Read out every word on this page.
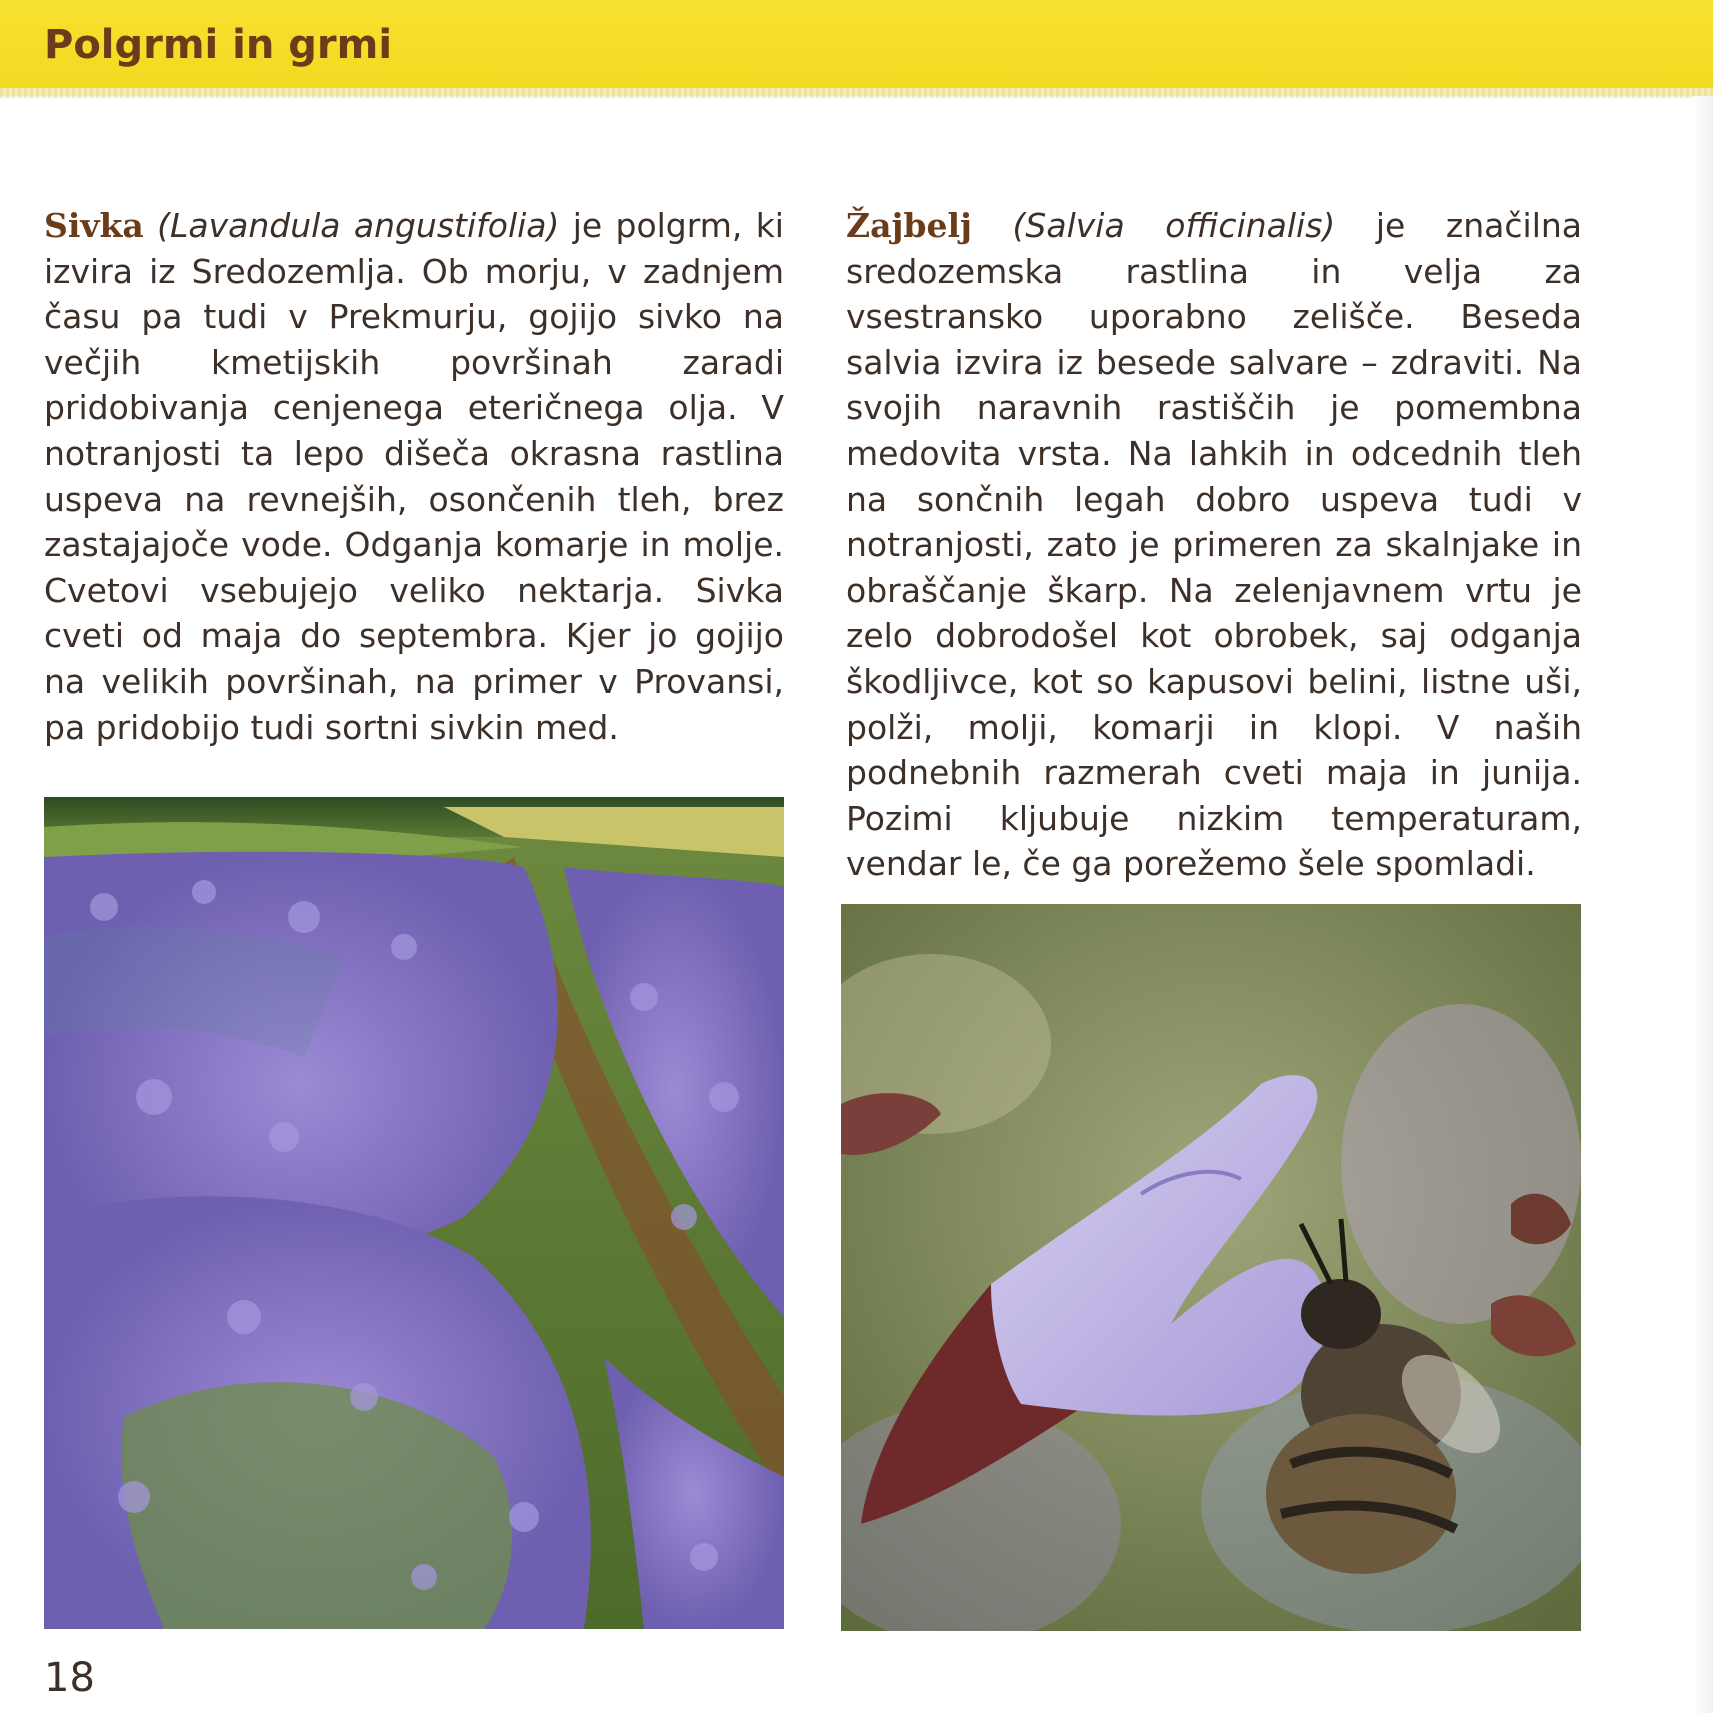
Polgrmi in grmi
Sivka (Lavandula angustifolia) je polgrm, ki izvira iz Sredozemlja. Ob morju, v zadnjem času pa tudi v Prekmurju, gojijo sivko na večjih kmetijskih površinah zaradi pridobivanja cenjenega eteričnega olja. V notranjosti ta lepo dišeča okrasna rastlina uspeva na revnejših, osončenih tleh, brez zastajajoče vode. Odganja komarje in molje. Cvetovi vsebujejo veliko nektarja. Sivka cveti od maja do septembra. Kjer jo gojijo na velikih površinah, na primer v Provansi, pa pridobijo tudi sortni sivkin med.
Žajbelj (Salvia officinalis) je značilna sredozemska rastlina in velja za vsestransko uporabno zelišče. Beseda salvia izvira iz besede salvare – zdraviti. Na svojih naravnih rastiščih je pomembna medovita vrsta. Na lahkih in odcednih tleh na sončnih legah dobro uspeva tudi v notranjosti, zato je primeren za skalnjake in obraščanje škarp. Na zelenjavnem vrtu je zelo dobrodošel kot obrobek, saj odganja škodljivce, kot so kapusovi belini, listne uši, polži, molji, komarji in klopi. V naših podnebnih razmerah cveti maja in junija. Pozimi kljubuje nizkim temperaturam, vendar le, če ga porežemo šele spomladi.
18
